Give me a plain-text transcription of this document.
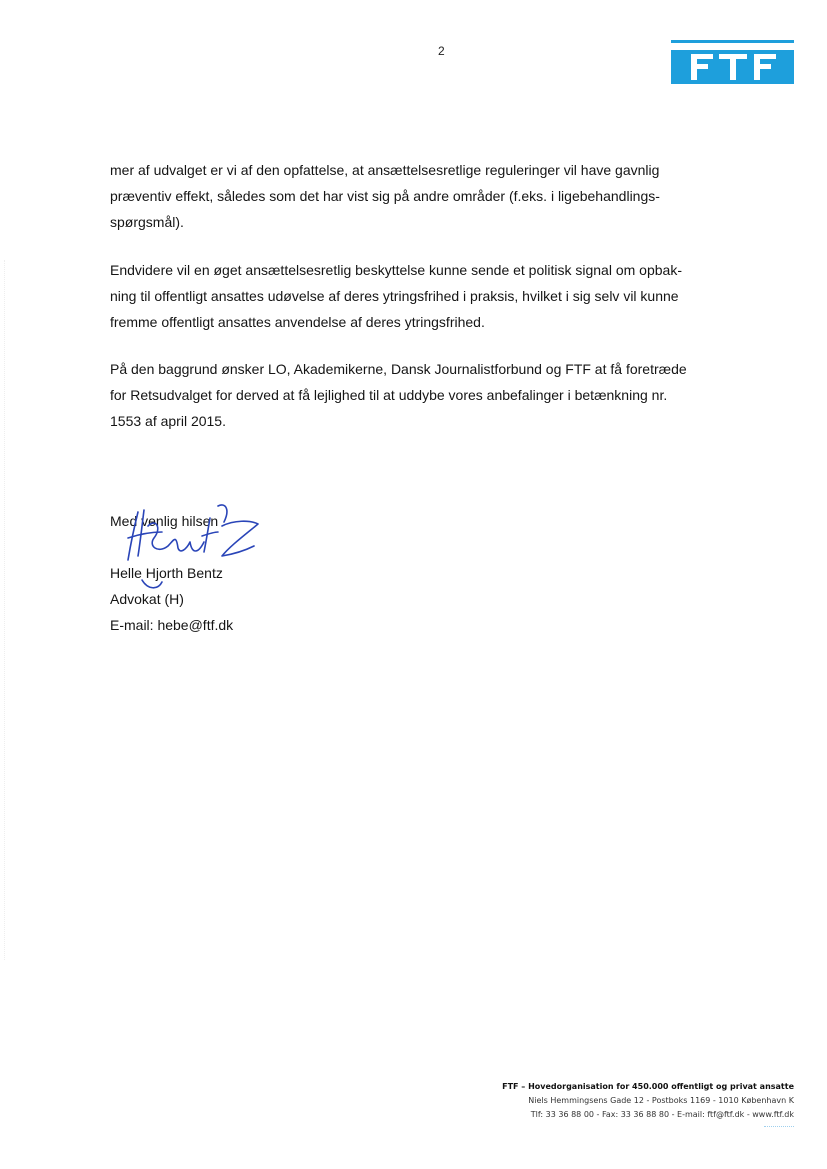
2

mer af udvalget er vi af den opfattelse, at ansættelsesretlige reguleringer vil have gavnlig

præventiv effekt, således som det har vist sig på andre områder (f.eks. i ligebehandlings-

spørgsmål).

Endvidere vil en øget ansættelsesretlig beskyttelse kunne sende et politisk signal om opbak-

ning til offentligt ansattes udøvelse af deres ytringsfrihed i praksis, hvilket i sig selv vil kunne

fremme offentligt ansattes anvendelse af deres ytringsfrihed.

På den baggrund ønsker LO, Akademikerne, Dansk Journalistforbund og FTF at få foretræde

for Retsudvalget for derved at få lejlighed til at uddybe vores anbefalinger i betænkning nr.

1553 af april 2015.

Med venlig hilsen

Helle Hjorth Bentz

Advokat (H)

E-mail: hebe@ftf.dk

FTF – Hovedorganisation for 450.000 offentligt og privat ansatte

Niels Hemmingsens Gade 12 - Postboks 1169 - 1010 København K

Tlf: 33 36 88 00 - Fax: 33 36 88 80 - E-mail: ftf@ftf.dk - www.ftf.dk
